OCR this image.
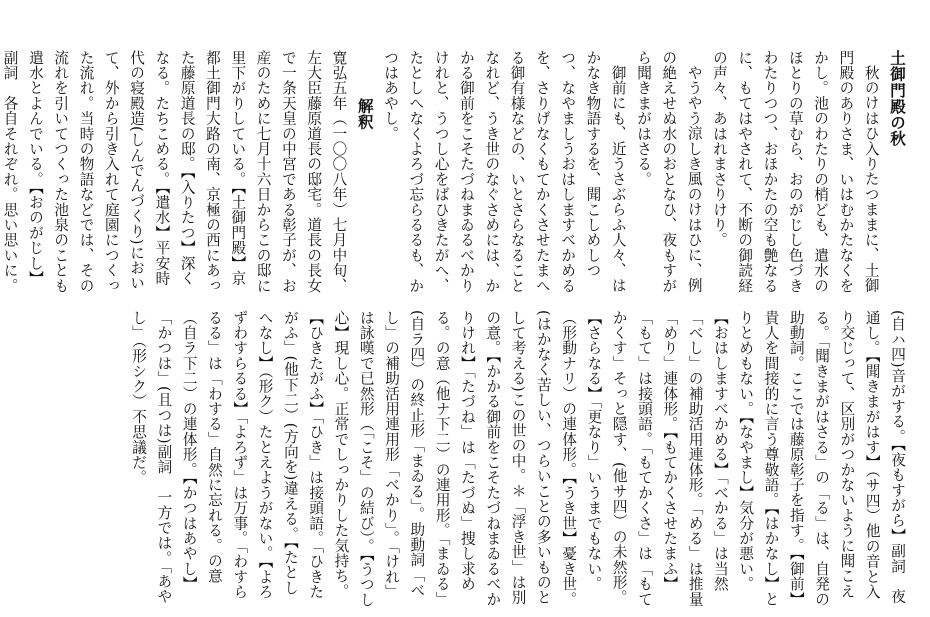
土御門殿の秋

秋のけはひ入りたつままに、土御門殿のありさま、いはむかたなくをかし。池のわたりの梢ども、遣水のほとりの草むら、おのがじし色づきわたりつつ、おほかたの空も艶なるに、もてはやされて、不断の御読経の声々、あはれまさりけり。

やうやう涼しき風のけはひに、例の絶えせぬ水のおとなひ、夜もすがら聞きまがはさる。

御前にも、近うさぶらふ人々、はかなき物語するを、聞こしめしつつ、なやましうおはしますべかめるを、さりげなくもてかくさせたまへる御有様などの、いとさらなることなれど、うき世のなぐさめには、かかる御前をこそたづねまゐるべかりけれと、うつし心をばひきたがへ、たとしへなくよろづ忘らるるも、かつはあやし。

解釈

寛弘五年（一〇〇八年）七月中旬、左大臣藤原道長の邸宅。道長の長女で一条天皇の中宮である彰子が、お産のために七月十六日からこの邸に里下がりしている。【土御門殿】京都土御門大路の南、京極の西にあった藤原道長の邸。【入りたつ】深くなる。たちこめる。【遣水】平安時代の寝殿造(しんでんづくり)において、外から引き入れて庭園につくった流れ。当時の物語などでは、その流れを引いてつくった池泉のことも遣水とよんでいる。【おのがじし】副詞　各自それぞれ。思い思いに。

(自ハ四)音がする。【夜もすがら】副詞　夜通し。【聞きまがはす】（サ四）他の音と入り交じって、区別がつかないように聞こえる。「聞きまがはさる」の「る」は、自発の助動詞。ここでは藤原彰子を指す。【御前】貴人を間接的に言う尊敬語。【はかなし】とりとめもない。【なやまし】気分が悪い。【おはしますべかめる】「べかる」は当然「べし」の補助活用連体形。「める」は推量「めり」連体形。【もてかくさせたまふ】「もて」は接頭語。「もてかくさ」は「もてかくす」そっと隠す、(他サ四）の未然形。【さらなる】「更なり」いうまでもない。（形動ナリ）の連体形。【うき世】憂き世。(はかなく苦しい、つらいことの多いものとして考える)この世の中。＊「浮き世」は別の意。【かかる御前をこそたづねまゐるべかりけれ】「たづね」は「たづぬ」捜し求める。の意（他ナ下二）の連用形。「まゐる」(自ラ四）の終止形「まゐる」。助動詞「べし」の補助活用連用形「べかり」。「けれ」は詠嘆で已然形（「こそ」の結び）。【うつし心】現し心。正常でしっかりした気持ち。【ひきたがふ】「ひき」は接頭語。「ひきたがふ」(他下二）(方向を)違える。【たとしへなし】（形ク）たとえようがない。【よろずわすらるる】「よろず」は万事。「わすらるる」は「わする」自然に忘れる。の意（自ラ下二）の連体形。【かつはあやし】「かつは」(且つは)副詞　一方では。「あやし」（形シク）不思議だ。
